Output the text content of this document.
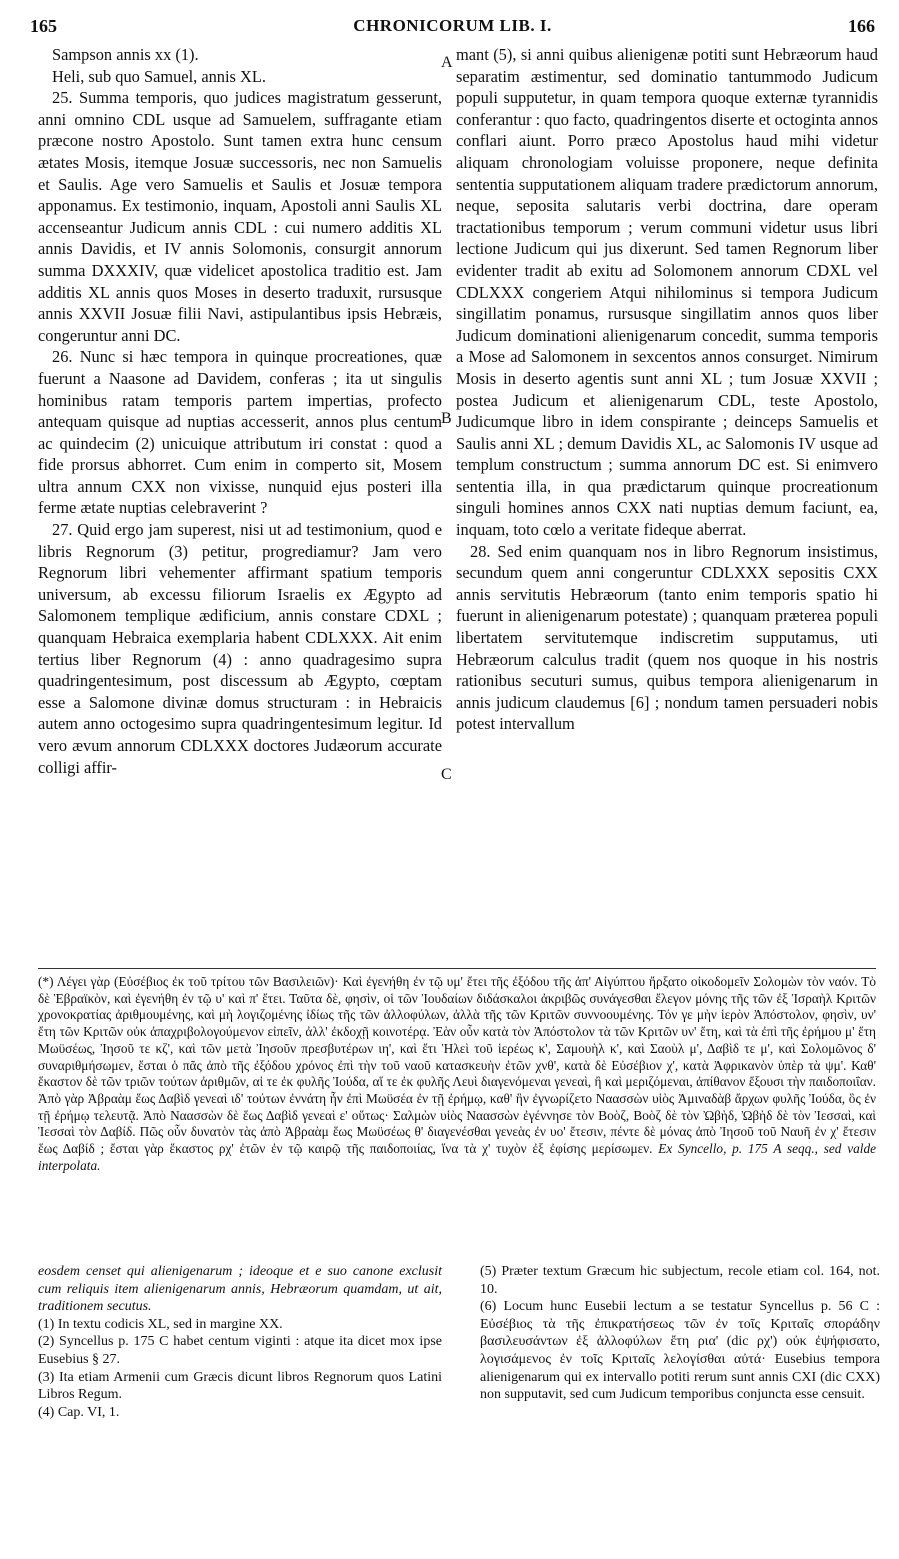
165	CHRONICORUM LIB. I.	166
A
B
C

Sampson annis xx (1).

Heli, sub quo Samuel, annis XL.

25. Summa temporis, quo judices magistratum gesserunt, anni omnino CDL usque ad Samuelem, suffragante etiam præcone nostro Apostolo. Sunt tamen extra hunc censum ætates Mosis, itemque Josuæ successoris, nec non Samuelis et Saulis. Age vero Samuelis et Saulis et Josuæ tempora apponamus. Ex testimonio, inquam, Apostoli anni Saulis XL accenseantur Judicum annis CDL : cui numero additis XL annis Davidis, et IV annis Solomonis, consurgit annorum summa DXXXIV, quæ videlicet apostolica traditio est. Jam additis XL annis quos Moses in deserto traduxit, rursusque annis XXVII Josuæ filii Navi, astipulantibus ipsis Hebræis, congeruntur anni DC.

26. Nunc si hæc tempora in quinque procreationes, quæ fuerunt a Naasone ad Davidem, conferas ; ita ut singulis hominibus ratam temporis partem impertias, profecto antequam quisque ad nuptias accesserit, annos plus centum ac quindecim (2) unicuique attributum iri constat : quod a fide prorsus abhorret. Cum enim in comperto sit, Mosem ultra annum CXX non vixisse, nunquid ejus posteri illa ferme ætate nuptias celebraverint ?

27. Quid ergo jam superest, nisi ut ad testimonium, quod e libris Regnorum (3) petitur, progrediamur? Jam vero Regnorum libri vehementer affirmant spatium temporis universum, ab excessu filiorum Israelis ex Ægypto ad Salomonem templique ædificium, annis constare CDXL ; quanquam Hebraica exemplaria habent CDLXXX. Ait enim tertius liber Regnorum (4) : anno quadragesimo supra quadringentesimum, post discessum ab Ægypto, cœptam esse a Salomone divinæ domus structuram : in Hebraicis autem anno octogesimo supra quadringentesimum legitur. Id vero ævum annorum CDLXXX doctores Judæorum accurate colligi affir-

mant (5), si anni quibus alienigenæ potiti sunt Hebræorum haud separatim æstimentur, sed dominatio tantummodo Judicum populi supputetur, in quam tempora quoque externæ tyrannidis conferantur : quo facto, quadringentos diserte et octoginta annos conflari aiunt. Porro præco Apostolus haud mihi videtur aliquam chronologiam voluisse proponere, neque definita sententia supputationem aliquam tradere prædictorum annorum, neque, seposita salutaris verbi doctrina, dare operam tractationibus temporum ; verum communi videtur usus libri lectione Judicum qui jus dixerunt. Sed tamen Regnorum liber evidenter tradit ab exitu ad Solomonem annorum CDXL vel CDLXXX congeriem Atqui nihilominus si tempora Judicum singillatim ponamus, rursusque singillatim annos quos liber Judicum dominationi alienigenarum concedit, summa temporis a Mose ad Salomonem in sexcentos annos consurget. Nimirum Mosis in deserto agentis sunt anni XL ; tum Josuæ XXVII ; postea Judicum et alienigenarum CDL, teste Apostolo, Judicumque libro in idem conspirante ; deinceps Samuelis et Saulis anni XL ; demum Davidis XL, ac Salomonis IV usque ad templum constructum ; summa annorum DC est. Si enimvero sententia illa, in qua prædictarum quinque procreationum singuli homines annos CXX nati nuptias demum faciunt, ea, inquam, toto cœlo a veritate fideque aberrat.

28. Sed enim quanquam nos in libro Regnorum insistimus, secundum quem anni congeruntur CDLXXX sepositis CXX annis servitutis Hebræorum (tanto enim temporis spatio hi fuerunt in alienigenarum potestate) ; quanquam præterea populi libertatem servitutemque indiscretim supputamus, uti Hebræorum calculus tradit (quem nos quoque in his nostris rationibus secuturi sumus, quibus tempora alienigenarum in annis judicum claudemus [6] ; nondum tamen persuaderi nobis potest intervallum

(*) Λέγει γὰρ (Εὐσέβιος ἐκ τοῦ τρίτου τῶν Βασιλειῶν)· Καὶ ἐγενήθη ἐν τῷ υμ' ἔτει τῆς ἐξόδου τῆς ἀπ' Αἰγύπτου ἤρξατο οἰκοδομεῖν Σολομὼν τὸν ναόν. Τὸ δὲ Ἑβραϊκὸν, καὶ ἐγενήθη ἐν τῷ υ' καὶ π' ἔτει. Ταῦτα δὲ, φησὶν, οἱ τῶν Ἰουδαίων διδάσκαλοι ἀκριβῶς συνάγεσθαι ἔλεγον μόνης τῆς τῶν ἐξ Ἰσραὴλ Κριτῶν χρονοκρατίας ἀριθμουμένης, καὶ μὴ λογιζομένης ἰδίως τῆς τῶν ἀλλοφύλων, ἀλλὰ τῆς τῶν Κριτῶν συννοουμένης. Τόν γε μὴν ἱερὸν Ἀπόστολον, φησὶν, υν' ἔτη τῶν Κριτῶν οὐκ ἀπαχριβολογούμενον εἰπεῖν, ἀλλ' ἐκδοχῇ κοινοτέρᾳ. Ἐὰν οὖν κατὰ τὸν Ἀπόστολον τὰ τῶν Κριτῶν υν' ἔτη, καὶ τὰ ἐπὶ τῆς ἐρήμου μ' ἔτη Μωϋσέως, Ἰησοῦ τε κζ', καὶ τῶν μετὰ Ἰησοῦν πρεσβυτέρων ιη', καὶ ἔτι Ἡλεὶ τοῦ ἱερέως κ', Σαμουὴλ κ', καὶ Σαοὺλ μ', Δαβὶδ τε μ', καὶ Σολομῶνος δ' συναριθμήσωμεν, ἔσται ὁ πᾶς ἀπὸ τῆς ἐξόδου χρόνος ἐπὶ τὴν τοῦ ναοῦ κατασκευὴν ἐτῶν χνθ', κατὰ δὲ Εὐσέβιον χ', κατὰ Ἀφρικανὸν ὑπὲρ τὰ ψμ'. Καθ' ἕκαστον δὲ τῶν τριῶν τούτων ἀριθμῶν, αἱ τε ἐκ φυλῆς Ἰούδα, αἵ τε ἐκ φυλῆς Λευὶ διαγενόμεναι γενεαὶ, ἢ καὶ μεριζόμεναι, ἀπίθανον ἔξουσι τὴν παιδοποιΐαν. Ἀπὸ γὰρ Ἀβραὰμ ἕως Δαβὶδ γενεαὶ ιδ' τούτων ἐννάτη ἦν ἐπὶ Μωϋσέα ἐν τῇ ἐρήμῳ, καθ' ἣν ἐγνωρίζετο Ναασσὼν υἱὸς Ἀμιναδὰβ ἄρχων φυλῆς Ἰούδα, ὃς ἐν τῇ ἐρήμῳ τελευτᾷ. Ἀπὸ Ναασσὼν δὲ ἕως Δαβὶδ γενεαὶ ε' οὕτως· Σαλμὼν υἱὸς Ναασσὼν ἐγέννησε τὸν Βοὸζ, Βοὸζ δὲ τὸν Ὠβὴδ, Ὠβὴδ δὲ τὸν Ἰεσσαὶ, καὶ Ἰεσσαὶ τὸν Δαβίδ. Πῶς οὖν δυνατὸν τὰς ἀπὸ Ἀβραὰμ ἕως Μωϋσέως θ' διαγενέσθαι γενεὰς ἐν υο' ἔτεσιν, πέντε δὲ μόνας ἀπὸ Ἰησοῦ τοῦ Ναυῆ ἐν χ' ἔτεσιν ἕως Δαβίδ ; ἔσται γὰρ ἕκαστος ρχ' ἐτῶν ἐν τῷ καιρῷ τῆς παιδοποιίας, ἵνα τὰ χ' τυχὸν ἐξ ἐφίσης μερίσωμεν. Ex Syncello, p. 175 A seqq., sed valde interpolata.

eosdem censet qui alienigenarum ; ideoque et e suo canone exclusit cum reliquis item alienigenarum annis, Hebræorum quamdam, ut ait, traditionem secutus.

(1) In textu codicis XL, sed in margine XX.

(2) Syncellus p. 175 C habet centum viginti : atque ita dicet mox ipse Eusebius § 27.

(3) Ita etiam Armenii cum Græcis dicunt libros Regnorum quos Latini Libros Regum.

(4) Cap. VI, 1.

(5) Præter textum Græcum hic subjectum, recole etiam col. 164, not. 10.

(6) Locum hunc Eusebii lectum a se testatur Syncellus p. 56 C : Εὐσέβιος τὰ τῆς ἐπικρατήσεως τῶν ἐν τοῖς Κριταῖς σποράδην βασιλευσάντων ἐξ ἀλλοφύλων ἔτη ρια' (dic ρχ') οὐκ ἐψήφισατο, λογισάμενος ἐν τοῖς Κριταῖς λελογίσθαι αὐτά· Eusebius tempora alienigenarum qui ex intervallo potiti rerum sunt annis CXI (dic CXX) non supputavit, sed cum Judicum temporibus conjuncta esse censuit.
